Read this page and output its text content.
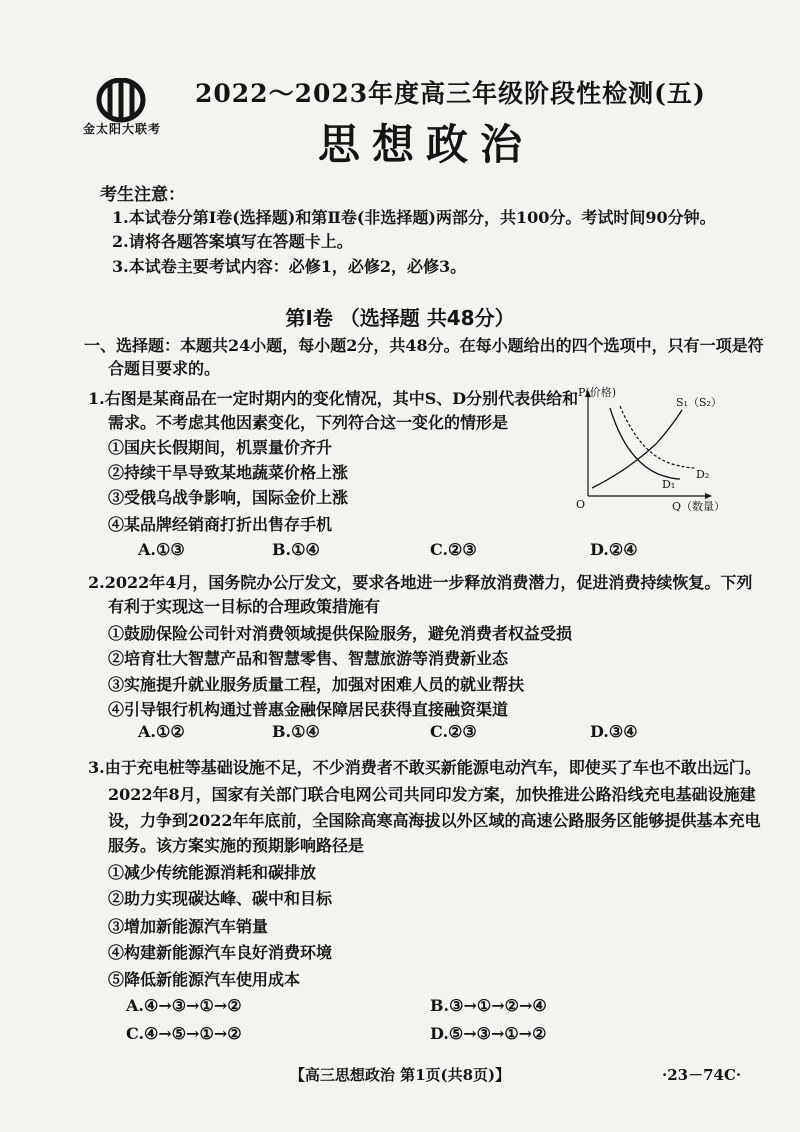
金太阳大联考
2022～2023年度高三年级阶段性检测(五)
思想政治
考生注意：
1.本试卷分第Ⅰ卷(选择题)和第Ⅱ卷(非选择题)两部分，共100分。考试时间90分钟。
2.请将各题答案填写在答题卡上。
3.本试卷主要考试内容：必修1，必修2，必修3。
第Ⅰ卷 （选择题 共48分）
一、选择题：本题共24小题，每小题2分，共48分。在每小题给出的四个选项中，只有一项是符
合题目要求的。
1.右图是某商品在一定时期内的变化情况，其中S、D分别代表供给和
需求。不考虑其他因素变化，下列符合这一变化的情形是
①国庆长假期间，机票量价齐升
②持续干旱导致某地蔬菜价格上涨
③受俄乌战争影响，国际金价上涨
④某品牌经销商打折出售存手机
A.①③	B.①④	C.②③	D.②④
P(价格)
Q（数量）
O
S₁（S₂）
D₁
D₂
2.2022年4月，国务院办公厅发文，要求各地进一步释放消费潜力，促进消费持续恢复。下列
有利于实现这一目标的合理政策措施有
①鼓励保险公司针对消费领域提供保险服务，避免消费者权益受损
②培育壮大智慧产品和智慧零售、智慧旅游等消费新业态
③实施提升就业服务质量工程，加强对困难人员的就业帮扶
④引导银行机构通过普惠金融保障居民获得直接融资渠道
A.①②	B.①④	C.②③	D.③④
3.由于充电桩等基础设施不足，不少消费者不敢买新能源电动汽车，即使买了车也不敢出远门。
2022年8月，国家有关部门联合电网公司共同印发方案，加快推进公路沿线充电基础设施建
设，力争到2022年年底前，全国除高寒高海拔以外区域的高速公路服务区能够提供基本充电
服务。该方案实施的预期影响路径是
①减少传统能源消耗和碳排放
②助力实现碳达峰、碳中和目标
③增加新能源汽车销量
④构建新能源汽车良好消费环境
⑤降低新能源汽车使用成本
A.④→③→①→②	B.③→①→②→④
C.④→⑤→①→②	D.⑤→③→①→②
【高三思想政治 第1页(共8页)】	·23－74C·
